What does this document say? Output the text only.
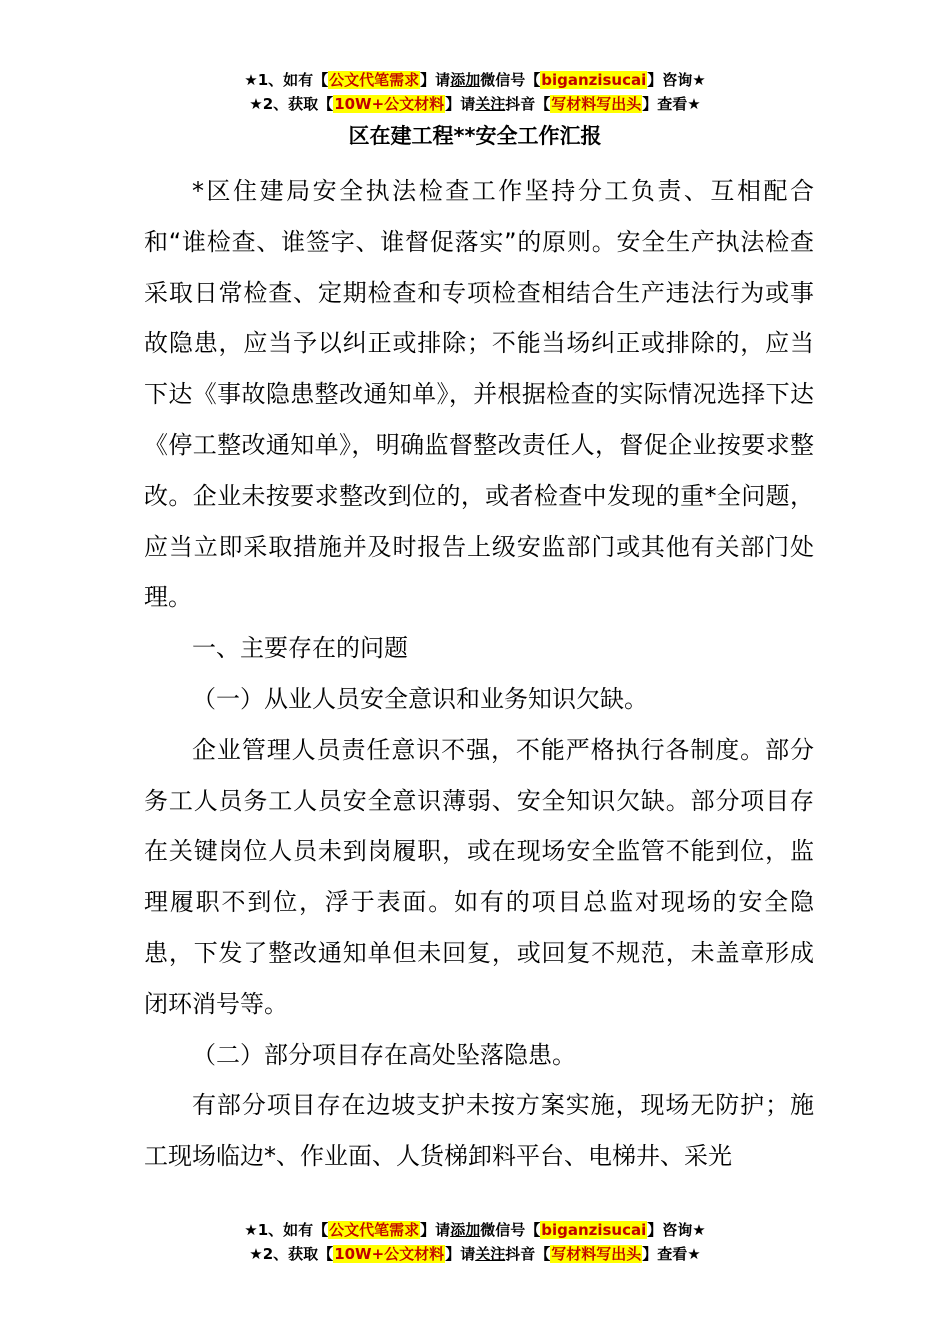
★1、如有【公文代笔需求】请添加微信号【biganzisucai】咨询★
★2、获取【10W+公文材料】请关注抖音【写材料写出头】查看★
区在建工程**安全工作汇报

*区住建局安全执法检查工作坚持分工负责、互相配合和“谁检查、谁签字、谁督促落实”的原则。安全生产执法检查采取日常检查、定期检查和专项检查相结合生产违法行为或事故隐患，应当予以纠正或排除；不能当场纠正或排除的，应当下达《事故隐患整改通知单》，并根据检查的实际情况选择下达《停工整改通知单》，明确监督整改责任人，督促企业按要求整改。企业未按要求整改到位的，或者检查中发现的重*全问题，应当立即采取措施并及时报告上级安监部门或其他有关部门处理。

一、主要存在的问题

（一）从业人员安全意识和业务知识欠缺。

企业管理人员责任意识不强，不能严格执行各制度。部分务工人员务工人员安全意识薄弱、安全知识欠缺。部分项目存在关键岗位人员未到岗履职，或在现场安全监管不能到位，监理履职不到位，浮于表面。如有的项目总监对现场的安全隐患，下发了整改通知单但未回复，或回复不规范，未盖章形成闭环消号等。

（二）部分项目存在高处坠落隐患。

有部分项目存在边坡支护未按方案实施，现场无防护；施工现场临边*、作业面、人货梯卸料平台、电梯井、采光

★1、如有【公文代笔需求】请添加微信号【biganzisucai】咨询★
★2、获取【10W+公文材料】请关注抖音【写材料写出头】查看★
